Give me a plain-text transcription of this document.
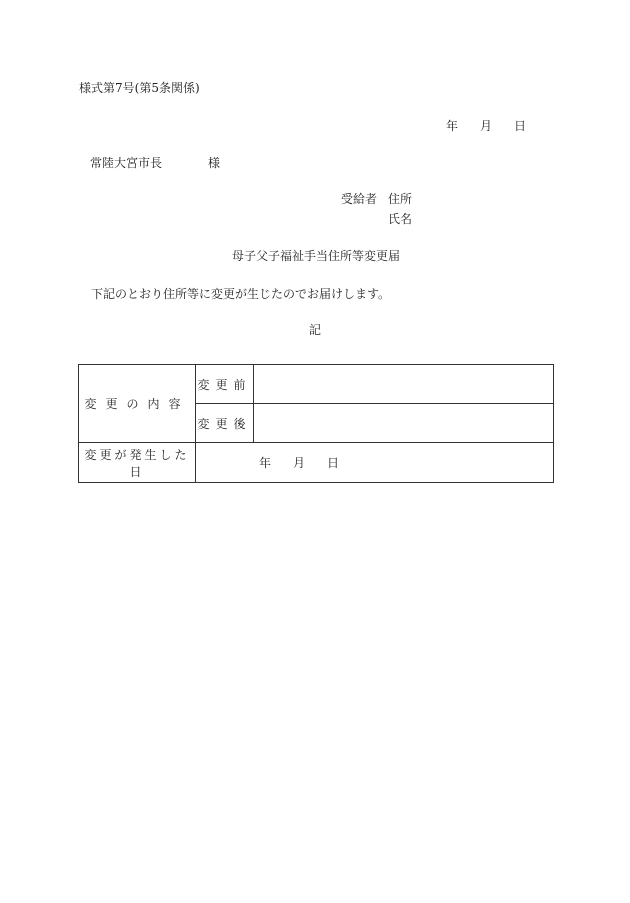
様式第7号(第5条関係)
年 月 日
常陸大宮市長	様
受給者 住所
氏名
母子父子福祉手当住所等変更届
下記のとおり住所等に変更が生じたのでお届けします。
記
変更の内容	変更前	
	変更後	
変更が発生した日	年 月 日	
